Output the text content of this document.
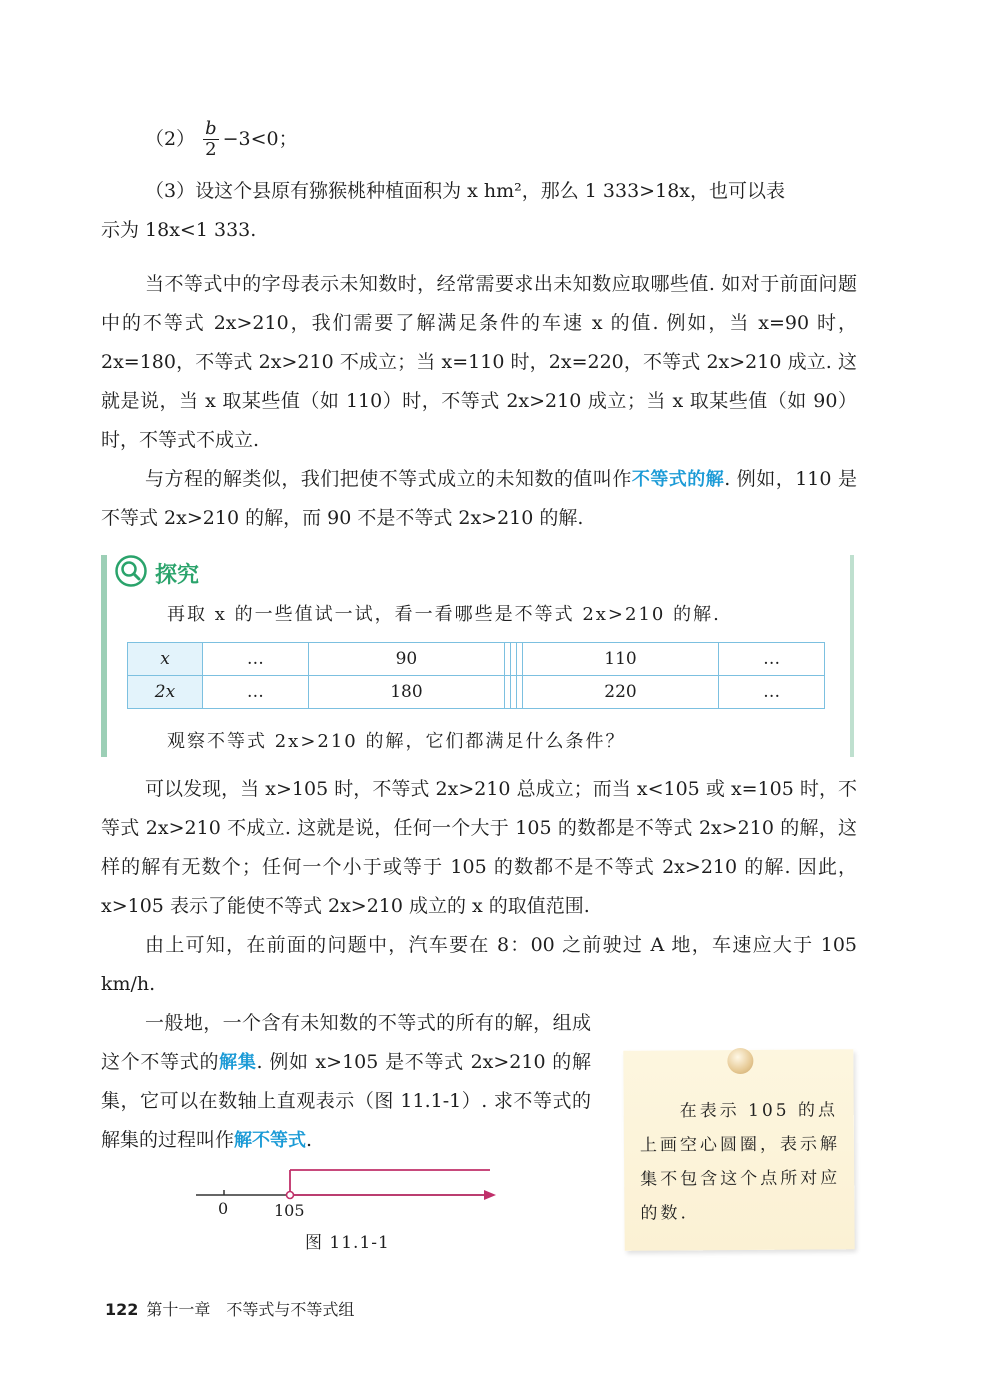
$(2) \frac{b}{2} -3<0$；

（3）设这个县原有猕猴桃种植面积为 x hm²，那么 1 333>18x，也可以表

示为 18x<1 333.

当不等式中的字母表示未知数时，经常需要求出未知数应取哪些值. 如对于前面问题中的不等式 2x>210，我们需要了解满足条件的车速 x 的值. 例如，当 x=90 时，2x=180，不等式 2x>210 不成立；当 x=110 时，2x=220，不等式 2x>210 成立. 这就是说，当 x 取某些值（如 110）时，不等式 2x>210 成立；当 x 取某些值（如 90）时，不等式不成立.

与方程的解类似，我们把使不等式成立的未知数的值叫作不等式的解. 例如，110 是不等式 2x>210 的解，而 90 不是不等式 2x>210 的解.

探究
再取 x 的一些值试一试，看一看哪些是不等式 2x>210 的解.
x	…	90				110	…
2x	…	180				220	…
观察不等式 2x>210 的解，它们都满足什么条件？

可以发现，当 x>105 时，不等式 2x>210 总成立；而当 x<105 或 x=105 时，不等式 2x>210 不成立. 这就是说，任何一个大于 105 的数都是不等式 2x>210 的解，这样的解有无数个；任何一个小于或等于 105 的数都不是不等式 2x>210 的解. 因此，x>105 表示了能使不等式 2x>210 成立的 x 的取值范围.

由上可知，在前面的问题中，汽车要在 8：00 之前驶过 A 地，车速应大于 105 km/h.

一般地，一个含有未知数的不等式的所有的解，组成这个不等式的解集. 例如 x>105 是不等式 2x>210 的解集，它可以在数轴上直观表示（图 11.1-1）. 求不等式的解集的过程叫作解不等式.

0	105
图 11.1-1
在表示 105 的点上画空心圆圈，表示解集不包含这个点所对应的数.
122 第十一章　不等式与不等式组
